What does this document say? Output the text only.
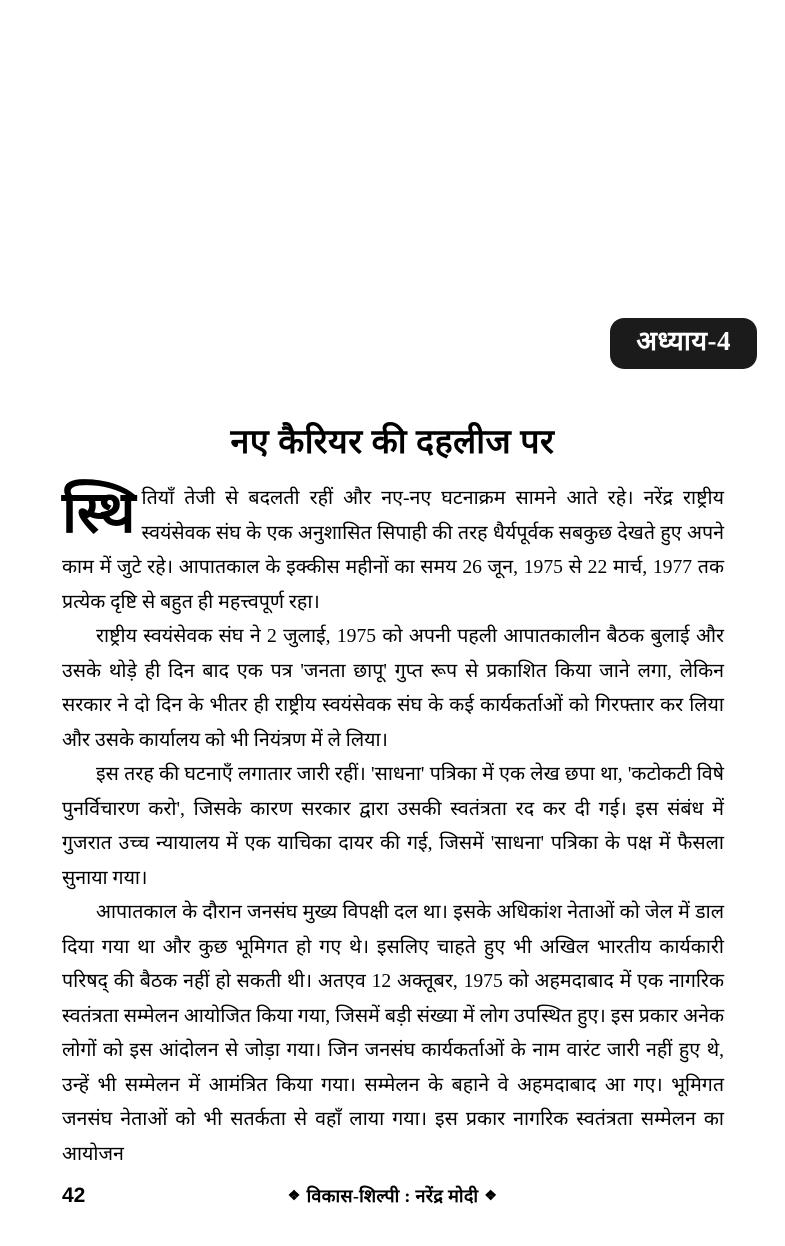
अध्याय-4
नए कैरियर की दहलीज पर

स्थि तियाँ तेजी से बदलती रहीं और नए-नए घटनाक्रम सामने आते रहे। नरेंद्र राष्ट्रीय स्वयंसेवक संघ के एक अनुशासित सिपाही की तरह धैर्यपूर्वक सबकुछ देखते हुए अपने काम में जुटे रहे। आपातकाल के इक्कीस महीनों का समय 26 जून, 1975 से 22 मार्च, 1977 तक प्रत्येक दृष्टि से बहुत ही महत्त्वपूर्ण रहा।

राष्ट्रीय स्वयंसेवक संघ ने 2 जुलाई, 1975 को अपनी पहली आपातकालीन बैठक बुलाई और उसके थोड़े ही दिन बाद एक पत्र 'जनता छापू' गुप्त रूप से प्रकाशित किया जाने लगा, लेकिन सरकार ने दो दिन के भीतर ही राष्ट्रीय स्वयंसेवक संघ के कई कार्यकर्ताओं को गिरफ्तार कर लिया और उसके कार्यालय को भी नियंत्रण में ले लिया।

इस तरह की घटनाएँ लगातार जारी रहीं। 'साधना' पत्रिका में एक लेख छपा था, 'कटोकटी विषे पुनर्विचारण करो', जिसके कारण सरकार द्वारा उसकी स्वतंत्रता रद कर दी गई। इस संबंध में गुजरात उच्च न्यायालय में एक याचिका दायर की गई, जिसमें 'साधना' पत्रिका के पक्ष में फैसला सुनाया गया।

आपातकाल के दौरान जनसंघ मुख्य विपक्षी दल था। इसके अधिकांश नेताओं को जेल में डाल दिया गया था और कुछ भूमिगत हो गए थे। इसलिए चाहते हुए भी अखिल भारतीय कार्यकारी परिषद् की बैठक नहीं हो सकती थी। अतएव 12 अक्तूबर, 1975 को अहमदाबाद में एक नागरिक स्वतंत्रता सम्मेलन आयोजित किया गया, जिसमें बड़ी संख्या में लोग उपस्थित हुए। इस प्रकार अनेक लोगों को इस आंदोलन से जोड़ा गया। जिन जनसंघ कार्यकर्ताओं के नाम वारंट जारी नहीं हुए थे, उन्हें भी सम्मेलन में आमंत्रित किया गया। सम्मेलन के बहाने वे अहमदाबाद आ गए। भूमिगत जनसंघ नेताओं को भी सतर्कता से वहाँ लाया गया। इस प्रकार नागरिक स्वतंत्रता सम्मेलन का आयोजन

42	❖ विकास-शिल्पी : नरेंद्र मोदी ❖
